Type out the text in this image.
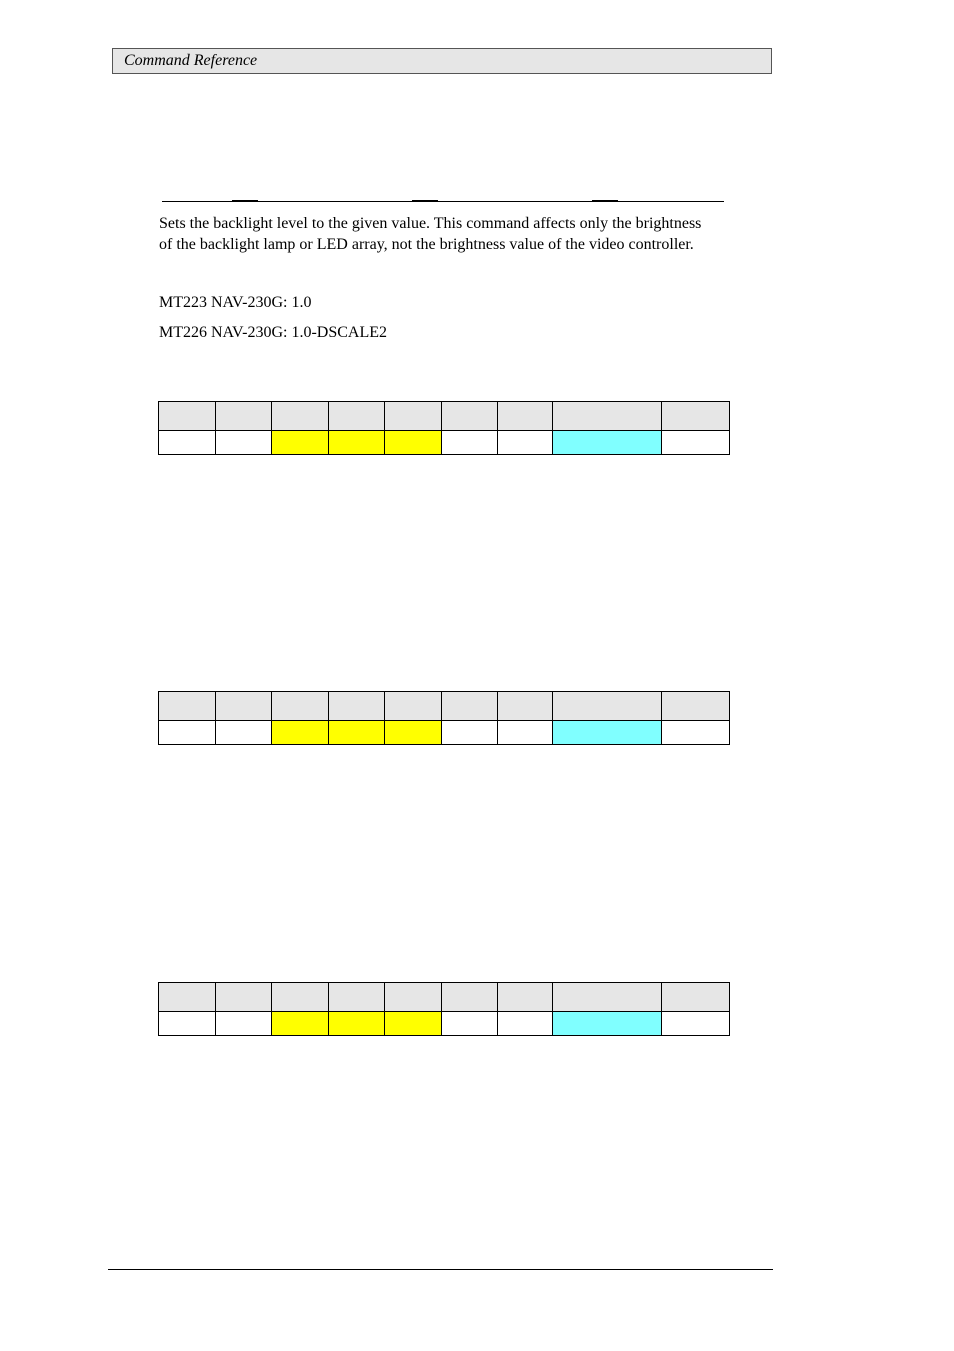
Command Reference
Sets the backlight level to the given value. This command affects only the brightness
of the backlight lamp or LED array, not the brightness value of the video controller.
MT223 NAV-230G: 1.0
MT226 NAV-230G: 1.0-DSCALE2
